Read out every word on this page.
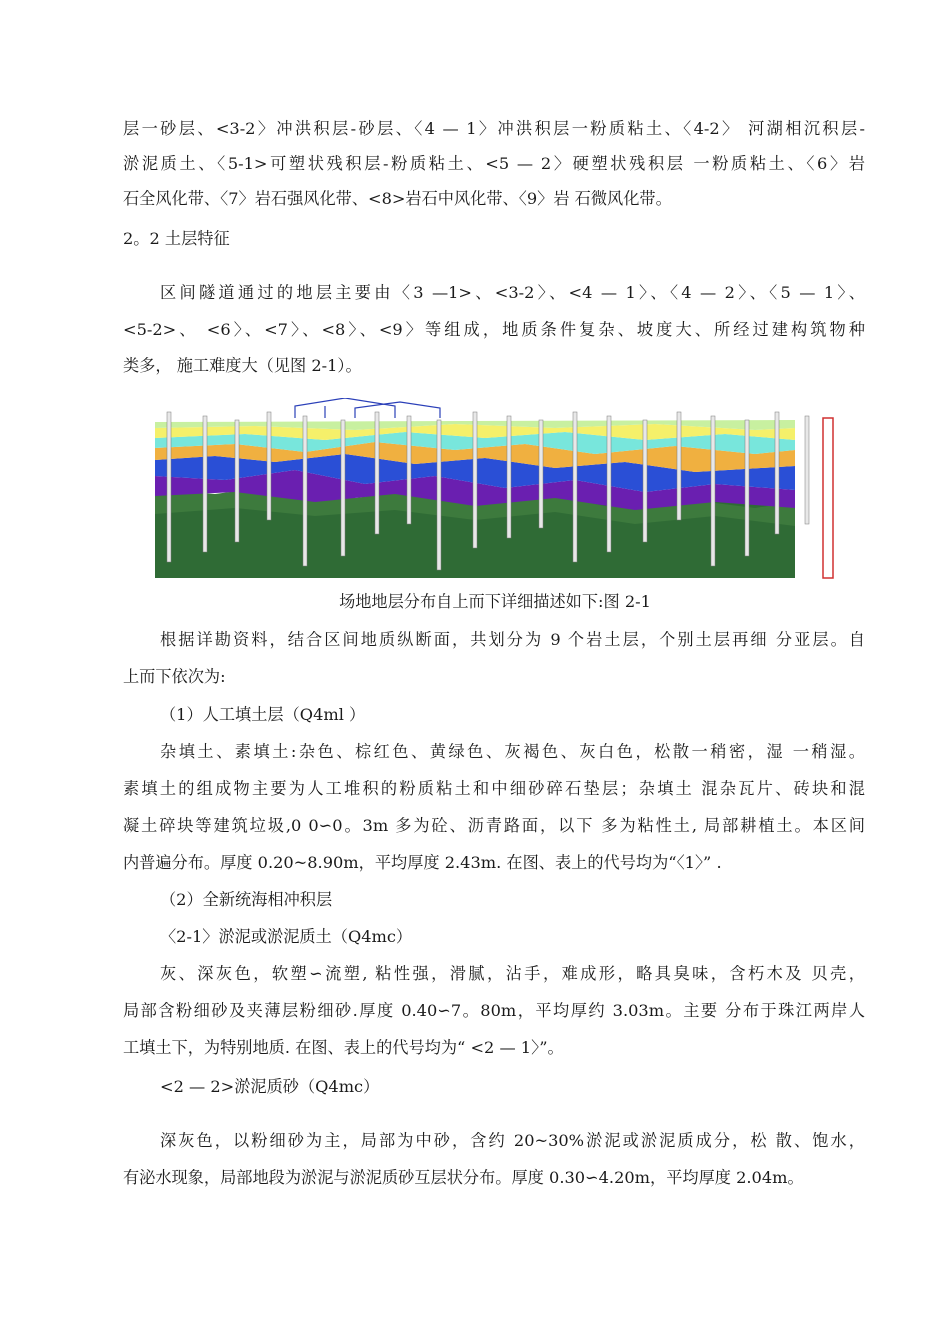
层一砂层、<3-2〉冲洪积层-砂层、〈4 — 1〉冲洪积层一粉质粘土、〈4-2〉 河湖相沉积层-
淤泥质土、〈5-1>可塑状残积层-粉质粘土、<5 — 2〉硬塑状残积层 一粉质粘土、〈6〉岩
石全风化带、〈7〉岩石强风化带、<8>岩石中风化带、〈9〉岩 石微风化带。
2。2 土层特征
区间隧道通过的地层主要由〈3 —1>、<3-2〉、<4 — 1〉、〈4 — 2〉、〈5 — 1〉、
<5-2>、 <6〉、<7〉、<8〉、<9〉等组成，地质条件复杂、坡度大、所经过建构筑物种
类多， 施工难度大（见图 2-1）。
场地地层分布自上而下详细描述如下:图 2-1
根据详勘资料，结合区间地质纵断面，共划分为 9 个岩土层，个别土层再细 分亚层。自
上而下依次为:
（1）人工填土层（Q4ml ）
杂填土、素填土:杂色、棕红色、黄绿色、灰褐色、灰白色，松散一稍密，湿 一稍湿。
素填土的组成物主要为人工堆积的粉质粘土和中细砂碎石垫层；杂填土 混杂瓦片、砖块和混
凝土碎块等建筑垃圾,0 0∽0。3m 多为砼、沥青路面，以下 多为粘性土, 局部耕植土。本区间
内普遍分布。厚度 0.20~8.90m，平均厚度 2.43m. 在图、表上的代号均为“〈1〉” .
（2）全新统海相冲积层
〈2-1〉淤泥或淤泥质土（Q4mc）
灰、深灰色，软塑∽流塑, 粘性强，滑腻，沾手，难成形，略具臭味，含朽木及 贝壳，
局部含粉细砂及夹薄层粉细砂.厚度 0.40∽7。80m，平均厚约 3.03m。主要 分布于珠江两岸人
工填土下，为特别地质. 在图、表上的代号均为“ <2 — 1〉”。
<2 — 2>淤泥质砂（Q4mc）
深灰色，以粉细砂为主，局部为中砂，含约 20~30%淤泥或淤泥质成分，松 散、饱水，
有泌水现象，局部地段为淤泥与淤泥质砂互层状分布。厚度 0.30∽4.20m，平均厚度 2.04m。
